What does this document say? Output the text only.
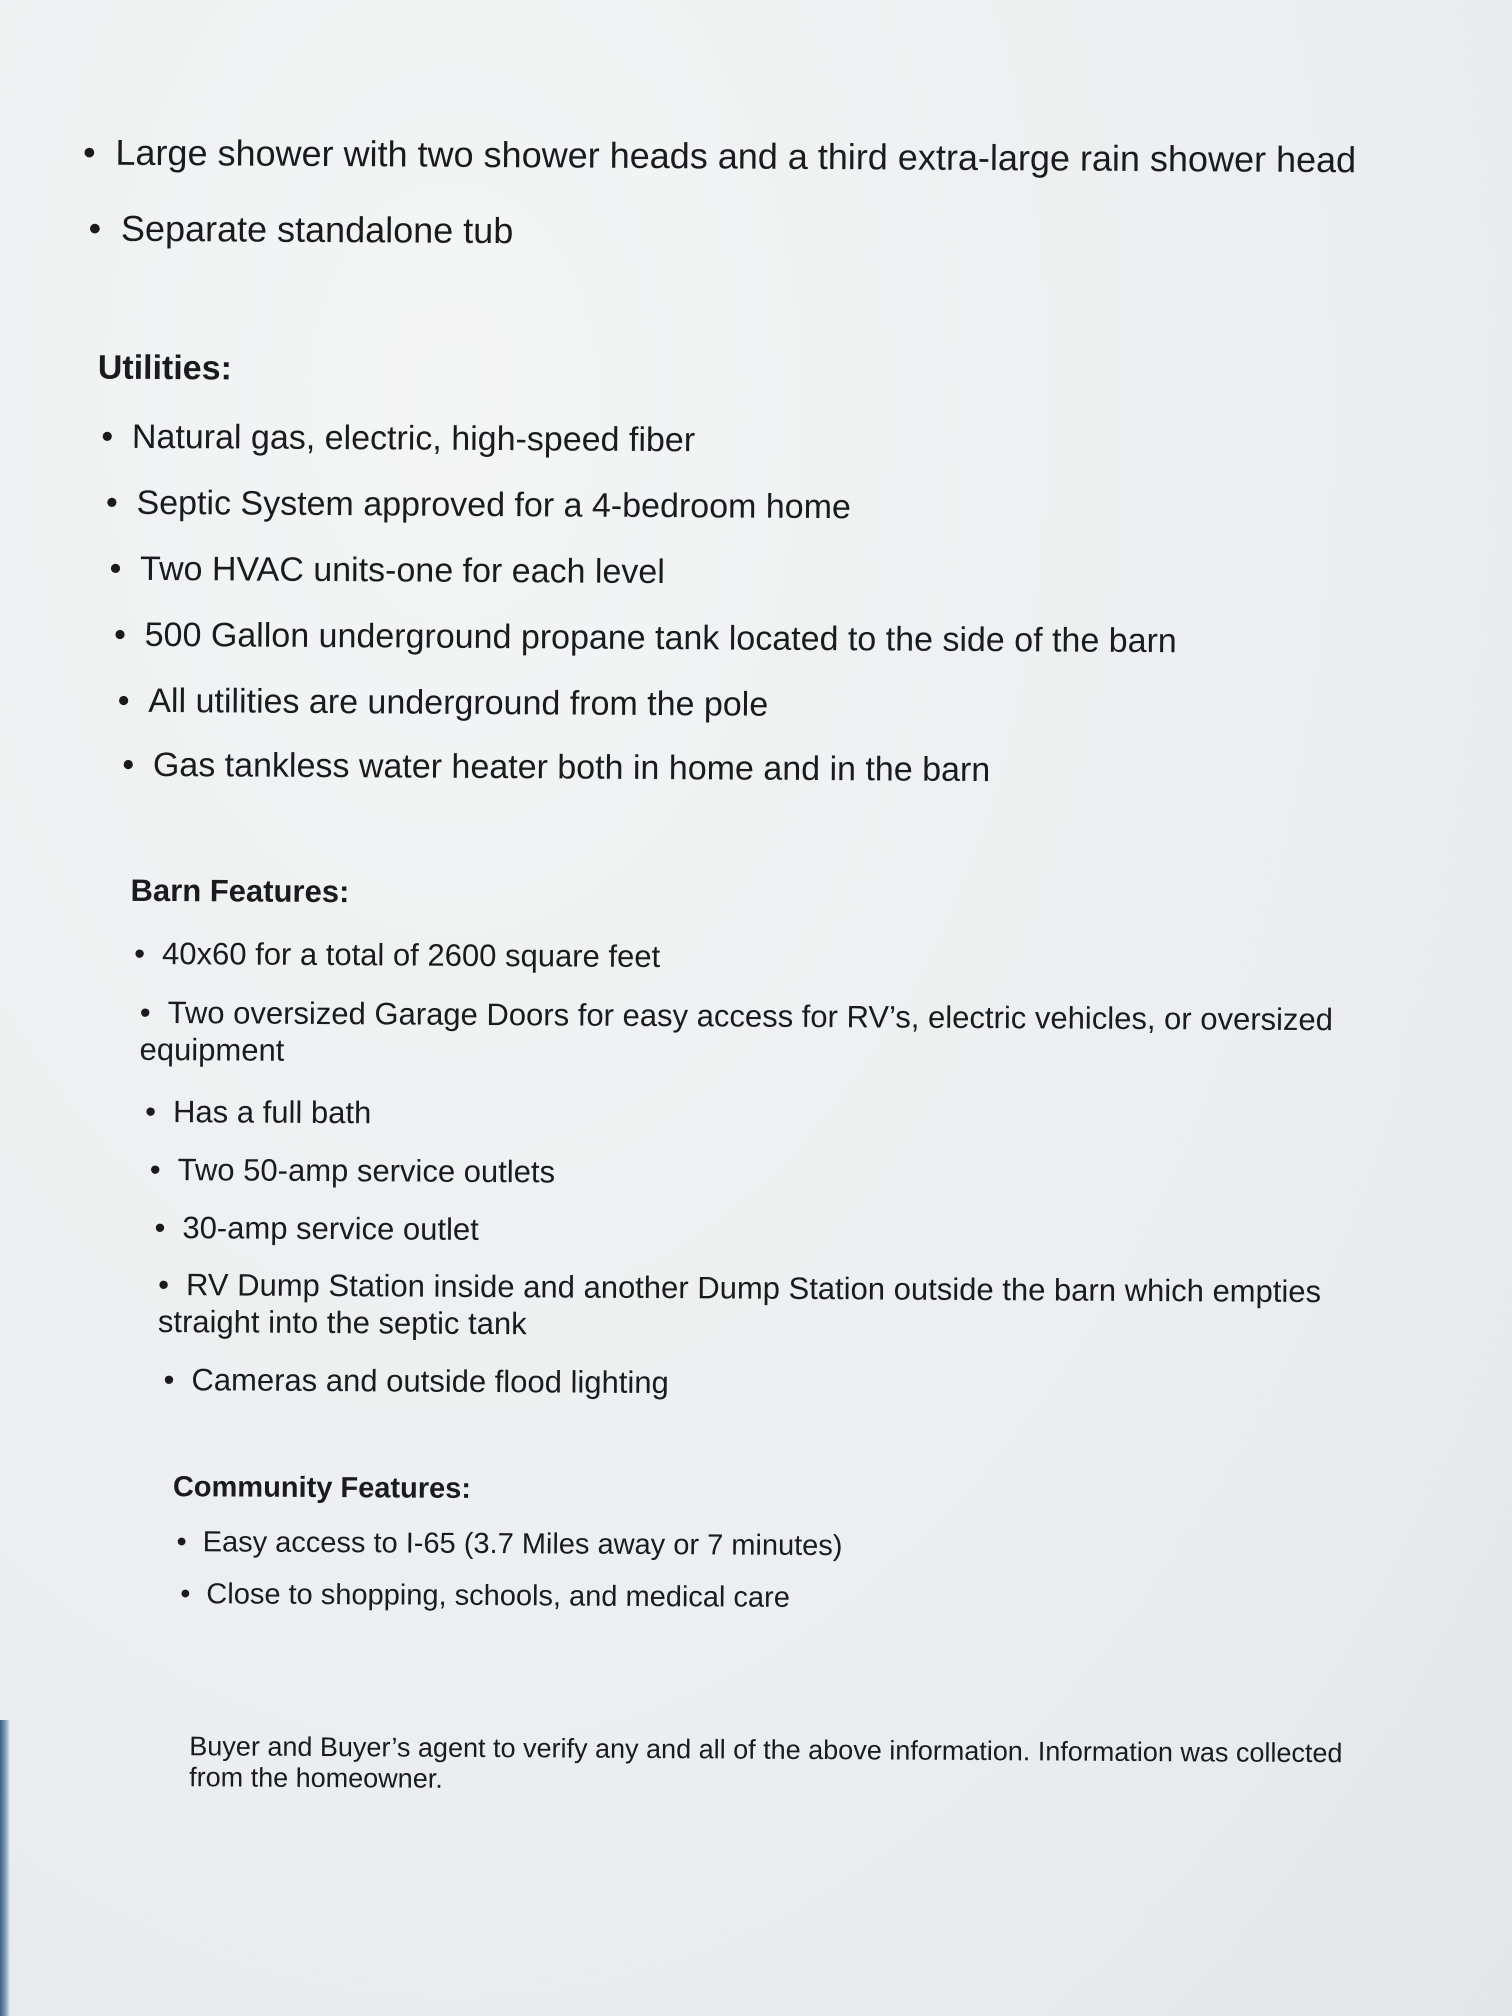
• Large shower with two shower heads and a third extra-large rain shower head
• Separate standalone tub
Utilities:
• Natural gas, electric, high-speed fiber
• Septic System approved for a 4-bedroom home
• Two HVAC units-one for each level
• 500 Gallon underground propane tank located to the side of the barn
• All utilities are underground from the pole
• Gas tankless water heater both in home and in the barn
Barn Features:
• 40x60 for a total of 2600 square feet
• Two oversized Garage Doors for easy access for RV’s, electric vehicles, or oversized equipment
• Has a full bath
• Two 50-amp service outlets
• 30-amp service outlet
• RV Dump Station inside and another Dump Station outside the barn which empties straight into the septic tank
• Cameras and outside flood lighting
Community Features:
• Easy access to I-65 (3.7 Miles away or 7 minutes)
• Close to shopping, schools, and medical care
Buyer and Buyer’s agent to verify any and all of the above information. Information was collected from the homeowner.
